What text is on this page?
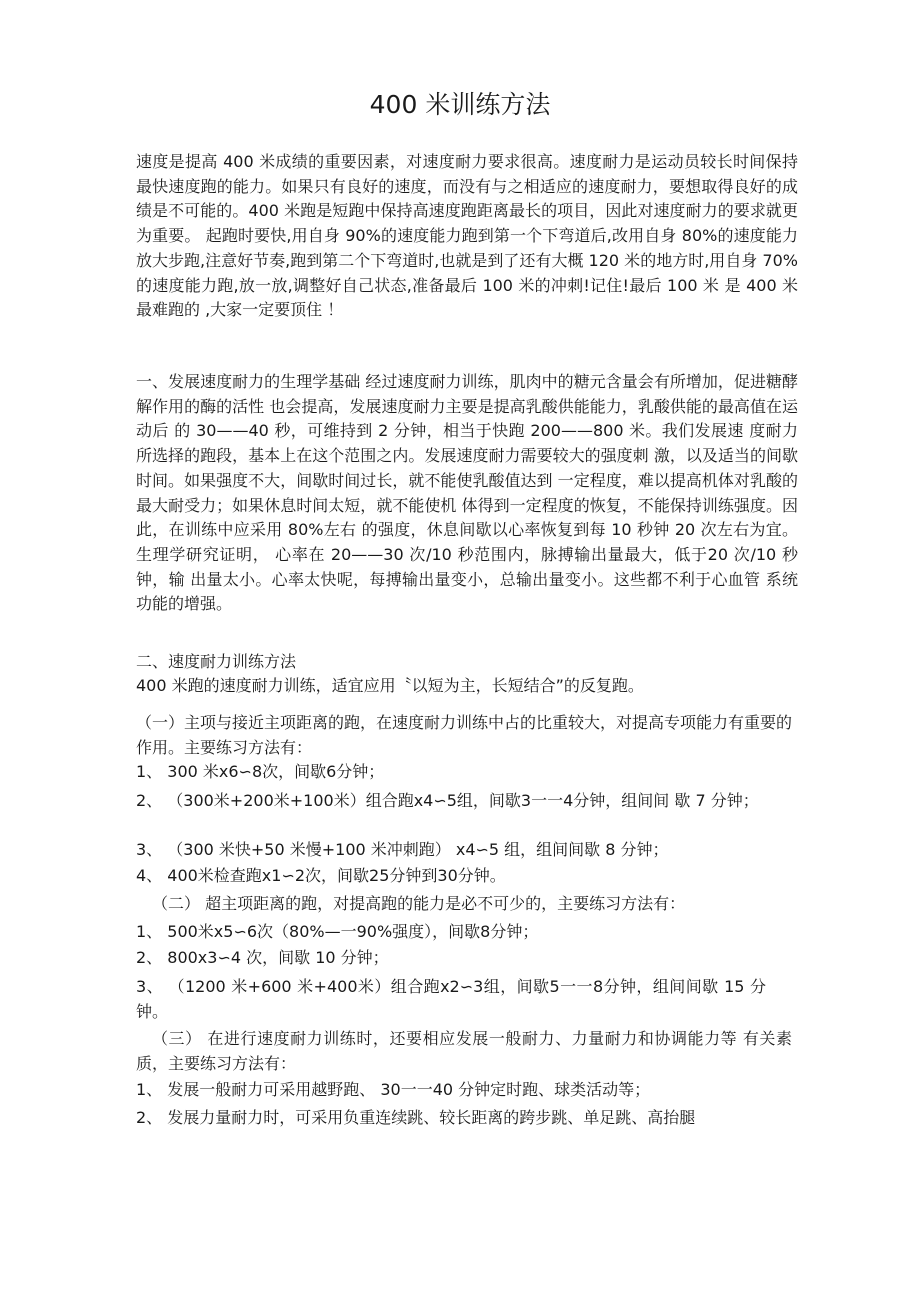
400 米训练方法

速度是提高 400 米成绩的重要因素，对速度耐力要求很高。速度耐力是运动员较长时间保持最快速度跑的能力。如果只有良好的速度，而没有与之相适应的速度耐力，要想取得良好的成绩是不可能的。400 米跑是短跑中保持高速度跑距离最长的项目，因此对速度耐力的要求就更为重要。 起跑时要快,用自身 90%的速度能力跑到第一个下弯道后,改用自身 80%的速度能力放大步跑,注意好节奏,跑到第二个下弯道时,也就是到了还有大概 120 米的地方时,用自身 70%的速度能力跑,放一放,调整好自己状态,准备最后 100 米的冲刺!记住!最后 100 米 是 400 米最难跑的 ,大家一定要顶住 ！

一、发展速度耐力的生理学基础 经过速度耐力训练，肌肉中的糖元含量会有所增加，促进糖酵解作用的酶的活性 也会提高，发展速度耐力主要是提高乳酸供能能力，乳酸供能的最高值在运动后 的 30——40 秒，可维持到 2 分钟，相当于快跑 200——800 米。我们发展速 度耐力所选择的跑段，基本上在这个范围之内。发展速度耐力需要较大的强度刺 激，以及适当的间歇时间。如果强度不大，间歇时间过长，就不能使乳酸值达到 一定程度，难以提高机体对乳酸的最大耐受力；如果休息时间太短，就不能使机 体得到一定程度的恢复，不能保持训练强度。因此，在训练中应采用 80%左右 的强度，休息间歇以心率恢复到每 10 秒钟 20 次左右为宜。生理学研究证明， 心率在 20——30 次/10 秒范围内，脉搏输出量最大，低于20 次/10 秒钟，输 出量太小。心率太快呢，每搏输出量变小，总输出量变小。这些都不利于心血管 系统功能的增强。

二、速度耐力训练方法

400 米跑的速度耐力训练，适宜应用〝以短为主，长短结合”的反复跑。

（一）主项与接近主项距离的跑，在速度耐力训练中占的比重较大，对提高专项能力有重要的作用。主要练习方法有：

1、 300 米x6∽8次，间歇6分钟；

2、 （300米+200米+100米）组合跑x4∽5组，间歇3一一4分钟，组间间 歇 7 分钟；

3、 （300 米快+50 米慢+100 米冲刺跑） x4∽5 组，组间间歇 8 分钟；

4、 400米检查跑x1∽2次，间歇25分钟到30分钟。

（二） 超主项距离的跑，对提高跑的能力是必不可少的，主要练习方法有：

1、 500米x5∽6次（80%—一90%强度），间歇8分钟；

2、 800x3∽4 次，间歇 10 分钟；

3、 （1200 米+600 米+400米）组合跑x2∽3组，间歇5一一8分钟，组间间歇 15 分钟。

（三） 在进行速度耐力训练时，还要相应发展一般耐力、力量耐力和协调能力等 有关素质，主要练习方法有：

1、 发展一般耐力可采用越野跑、 30一一40 分钟定时跑、球类活动等；

2、 发展力量耐力时，可采用负重连续跳、较长距离的跨步跳、单足跳、高抬腿
